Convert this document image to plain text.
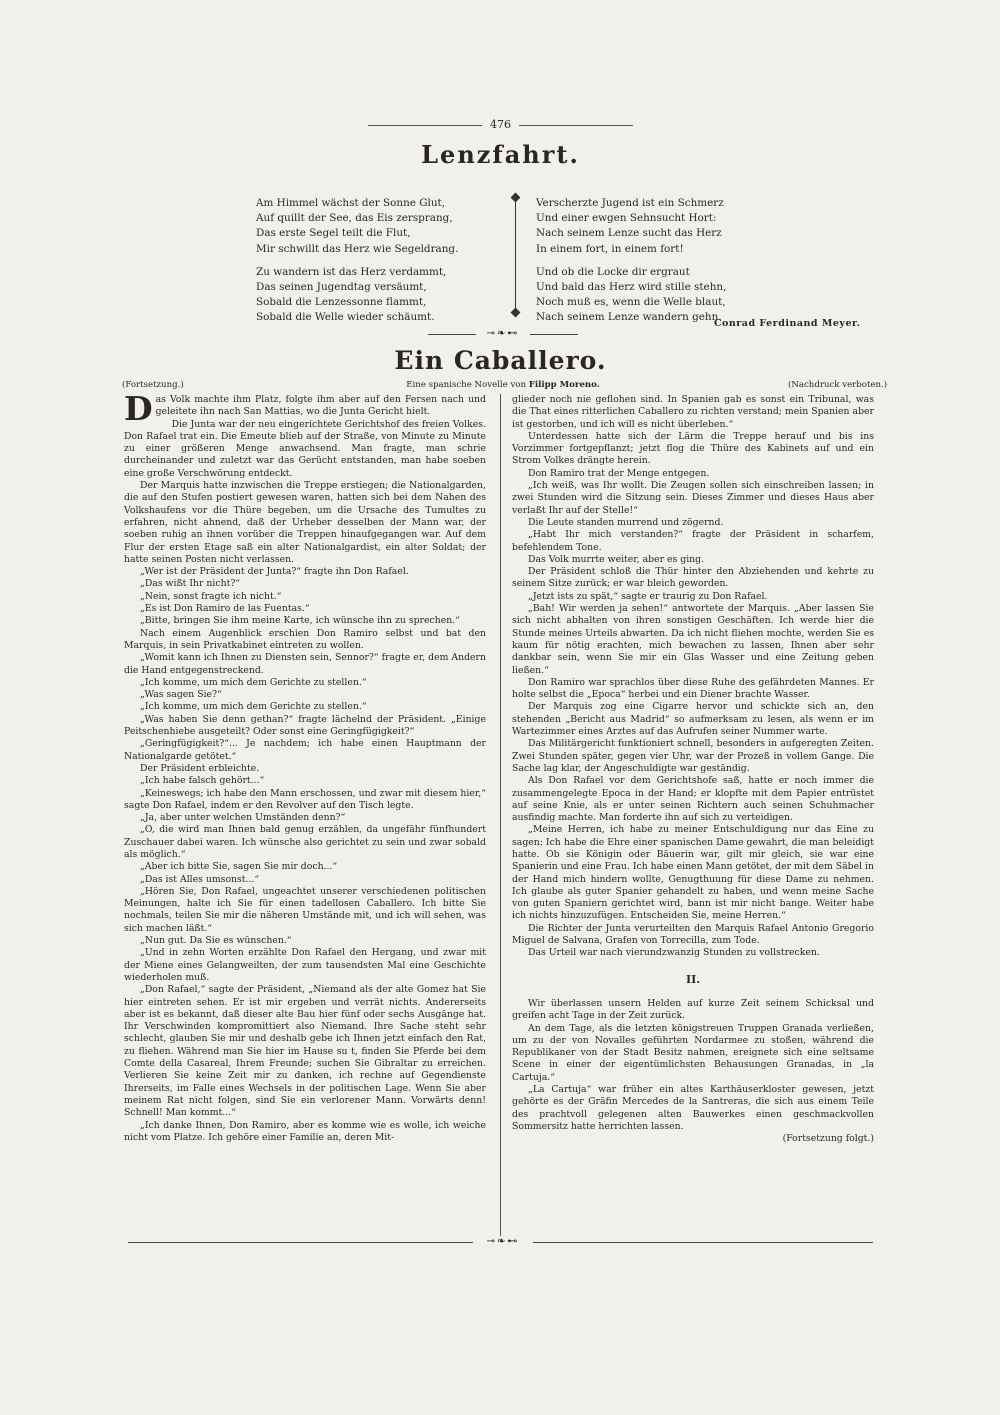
476
Lenzfahrt.
Am Himmel wächst der Sonne Glut,
Auf quillt der See, das Eis zersprang,
Das erste Segel teilt die Flut,
Mir schwillt das Herz wie Segeldrang.
Zu wandern ist das Herz verdammt,
Das seinen Jugendtag versäumt,
Sobald die Lenzessonne flammt,
Sobald die Welle wieder schäumt.
Verscherzte Jugend ist ein Schmerz
Und einer ewgen Sehnsucht Hort:
Nach seinem Lenze sucht das Herz
In einem fort, in einem fort!
Und ob die Locke dir ergraut
Und bald das Herz wird stille stehn,
Noch muß es, wenn die Welle blaut,
Nach seinem Lenze wandern gehn.
Conrad Ferdinand Meyer.
⊸❧⊷
Ein Caballero.
(Fortsetzung.)	Eine spanische Novelle von Filipp Moreno.	(Nachdruck verboten.)

Das Volk machte ihm Platz, folgte ihm aber auf den Fersen nach und geleitete ihn nach San Mattias, wo die Junta Gericht hielt.

Die Junta war der neu eingerichtete Gerichtshof des freien Volkes. Don Rafael trat ein. Die Emeute blieb auf der Straße, von Minute zu Minute zu einer größeren Menge anwachsend. Man fragte, man schrie durcheinander und zuletzt war das Gerücht entstanden, man habe soeben eine große Verschwörung entdeckt.

Der Marquis hatte inzwischen die Treppe erstiegen; die Nationalgarden, die auf den Stufen postiert gewesen waren, hatten sich bei dem Nahen des Volkshaufens vor die Thüre begeben, um die Ursache des Tumultes zu erfahren, nicht ahnend, daß der Urheber desselben der Mann war, der soeben ruhig an ihnen vorüber die Treppen hinaufgegangen war. Auf dem Flur der ersten Etage saß ein alter Nationalgardist, ein alter Soldat; der hatte seinen Posten nicht verlassen.

„Wer ist der Präsident der Junta?“ fragte ihn Don Rafael.

„Das wißt Ihr nicht?“

„Nein, sonst fragte ich nicht.“

„Es ist Don Ramiro de las Fuentas.“

„Bitte, bringen Sie ihm meine Karte, ich wünsche ihn zu sprechen.“

Nach einem Augenblick erschien Don Ramiro selbst und bat den Marquis, in sein Privatkabinet eintreten zu wollen.

„Womit kann ich Ihnen zu Diensten sein, Sennor?“ fragte er, dem Andern die Hand entgegenstreckend.

„Ich komme, um mich dem Gerichte zu stellen.“

„Was sagen Sie?“

„Ich komme, um mich dem Gerichte zu stellen.“

„Was haben Sie denn gethan?“ fragte lächelnd der Präsident. „Einige Peitschenhiebe ausgeteilt? Oder sonst eine Geringfügigkeit?“

„Geringfügigkeit?“... Je nachdem; ich habe einen Hauptmann der Nationalgarde getötet.“

Der Präsident erbleichte.

„Ich habe falsch gehört...“

„Keineswegs; ich habe den Mann erschossen, und zwar mit diesem hier,“ sagte Don Rafael, indem er den Revolver auf den Tisch legte.

„Ja, aber unter welchen Umständen denn?“

„O, die wird man Ihnen bald genug erzählen, da ungefähr fünfhundert Zuschauer dabei waren. Ich wünsche also gerichtet zu sein und zwar sobald als möglich.“

„Aber ich bitte Sie, sagen Sie mir doch...“

„Das ist Alles umsonst...“

„Hören Sie, Don Rafael, ungeachtet unserer verschiedenen politischen Meinungen, halte ich Sie für einen tadellosen Caballero. Ich bitte Sie nochmals, teilen Sie mir die näheren Umstände mit, und ich will sehen, was sich machen läßt.“

„Nun gut. Da Sie es wünschen.“

„Und in zehn Worten erzählte Don Rafael den Hergang, und zwar mit der Miene eines Gelangweilten, der zum tausendsten Mal eine Geschichte wiederholen muß.

„Don Rafael,“ sagte der Präsident, „Niemand als der alte Gomez hat Sie hier eintreten sehen. Er ist mir ergeben und verrät nichts. Andererseits aber ist es bekannt, daß dieser alte Bau hier fünf oder sechs Ausgänge hat. Ihr Verschwinden kompromittiert also Niemand. Ihre Sache steht sehr schlecht, glauben Sie mir und deshalb gebe ich Ihnen jetzt einfach den Rat, zu fliehen. Während man Sie hier im Hause su t, finden Sie Pferde bei dem Comte della Casareal, Ihrem Freunde; suchen Sie Gibraltar zu erreichen. Verlieren Sie keine Zeit mir zu danken, ich rechne auf Gegendienste Ihrerseits, im Falle eines Wechsels in der politischen Lage. Wenn Sie aber meinem Rat nicht folgen, sind Sie ein verlorener Mann. Vorwärts denn! Schnell! Man kommt...“

„Ich danke Ihnen, Don Ramiro, aber es komme wie es wolle, ich weiche nicht vom Platze. Ich gehöre einer Familie an, deren Mit-

glieder noch nie geflohen sind. In Spanien gab es sonst ein Tribunal, was die That eines ritterlichen Caballero zu richten verstand; mein Spanien aber ist gestorben, und ich will es nicht überleben.“

Unterdessen hatte sich der Lärm die Treppe herauf und bis ins Vorzimmer fortgepflanzt; jetzt flog die Thüre des Kabinets auf und ein Strom Volkes drängte herein.

Don Ramiro trat der Menge entgegen.

„Ich weiß, was Ihr wollt. Die Zeugen sollen sich einschreiben lassen; in zwei Stunden wird die Sitzung sein. Dieses Zimmer und dieses Haus aber verlaßt Ihr auf der Stelle!“

Die Leute standen murrend und zögernd.

„Habt Ihr mich verstanden?“ fragte der Präsident in scharfem, befehlendem Tone.

Das Volk murrte weiter, aber es ging.

Der Präsident schloß die Thür hinter den Abziehenden und kehrte zu seinem Sitze zurück; er war bleich geworden.

„Jetzt ists zu spät,“ sagte er traurig zu Don Rafael.

„Bah! Wir werden ja sehen!“ antwortete der Marquis. „Aber lassen Sie sich nicht abhalten von ihren sonstigen Geschäften. Ich werde hier die Stunde meines Urteils abwarten. Da ich nicht fliehen mochte, werden Sie es kaum für nötig erachten, mich bewachen zu lassen, Ihnen aber sehr dankbar sein, wenn Sie mir ein Glas Wasser und eine Zeitung geben ließen.“

Don Ramiro war sprachlos über diese Ruhe des gefährdeten Mannes. Er holte selbst die „Epoca“ herbei und ein Diener brachte Wasser.

Der Marquis zog eine Cigarre hervor und schickte sich an, den stehenden „Bericht aus Madrid“ so aufmerksam zu lesen, als wenn er im Wartezimmer eines Arztes auf das Aufrufen seiner Nummer warte.

Das Militärgericht funktioniert schnell, besonders in aufgeregten Zeiten. Zwei Stunden später, gegen vier Uhr, war der Prozeß in vollem Gange. Die Sache lag klar, der Angeschuldigte war geständig.

Als Don Rafael vor dem Gerichtshofe saß, hatte er noch immer die zusammengelegte Epoca in der Hand; er klopfte mit dem Papier entrüstet auf seine Knie, als er unter seinen Richtern auch seinen Schuhmacher ausfindig machte. Man forderte ihn auf sich zu verteidigen.

„Meine Herren, ich habe zu meiner Entschuldigung nur das Eine zu sagen: Ich habe die Ehre einer spanischen Dame gewahrt, die man beleidigt hatte. Ob sie Königin oder Bäuerin war, gilt mir gleich, sie war eine Spanierin und eine Frau. Ich habe einen Mann getötet, der mit dem Säbel in der Hand mich hindern wollte, Genugthuung für diese Dame zu nehmen. Ich glaube als guter Spanier gehandelt zu haben, und wenn meine Sache von guten Spaniern gerichtet wird, bann ist mir nicht bange. Weiter habe ich nichts hinzuzufügen. Entscheiden Sie, meine Herren.“

Die Richter der Junta verurteilten den Marquis Rafael Antonio Gregorio Miguel de Salvana, Grafen von Torrecilla, zum Tode.

Das Urteil war nach vierundzwanzig Stunden zu vollstrecken.

II.

Wir überlassen unsern Helden auf kurze Zeit seinem Schicksal und greifen acht Tage in der Zeit zurück.

An dem Tage, als die letzten königstreuen Truppen Granada verließen, um zu der von Novalles geführten Nordarmee zu stoßen, während die Republikaner von der Stadt Besitz nahmen, ereignete sich eine seltsame Scene in einer der eigentümlichsten Behausungen Granadas, in „la Cartuja.“

„La Cartuja“ war früher ein altes Karthäuserkloster gewesen, jetzt gehörte es der Gräfin Mercedes de la Santreras, die sich aus einem Teile des prachtvoll gelegenen alten Bauwerkes einen geschmackvollen Sommersitz hatte herrichten lassen.

(Fortsetzung folgt.)

⊸❧⊷
